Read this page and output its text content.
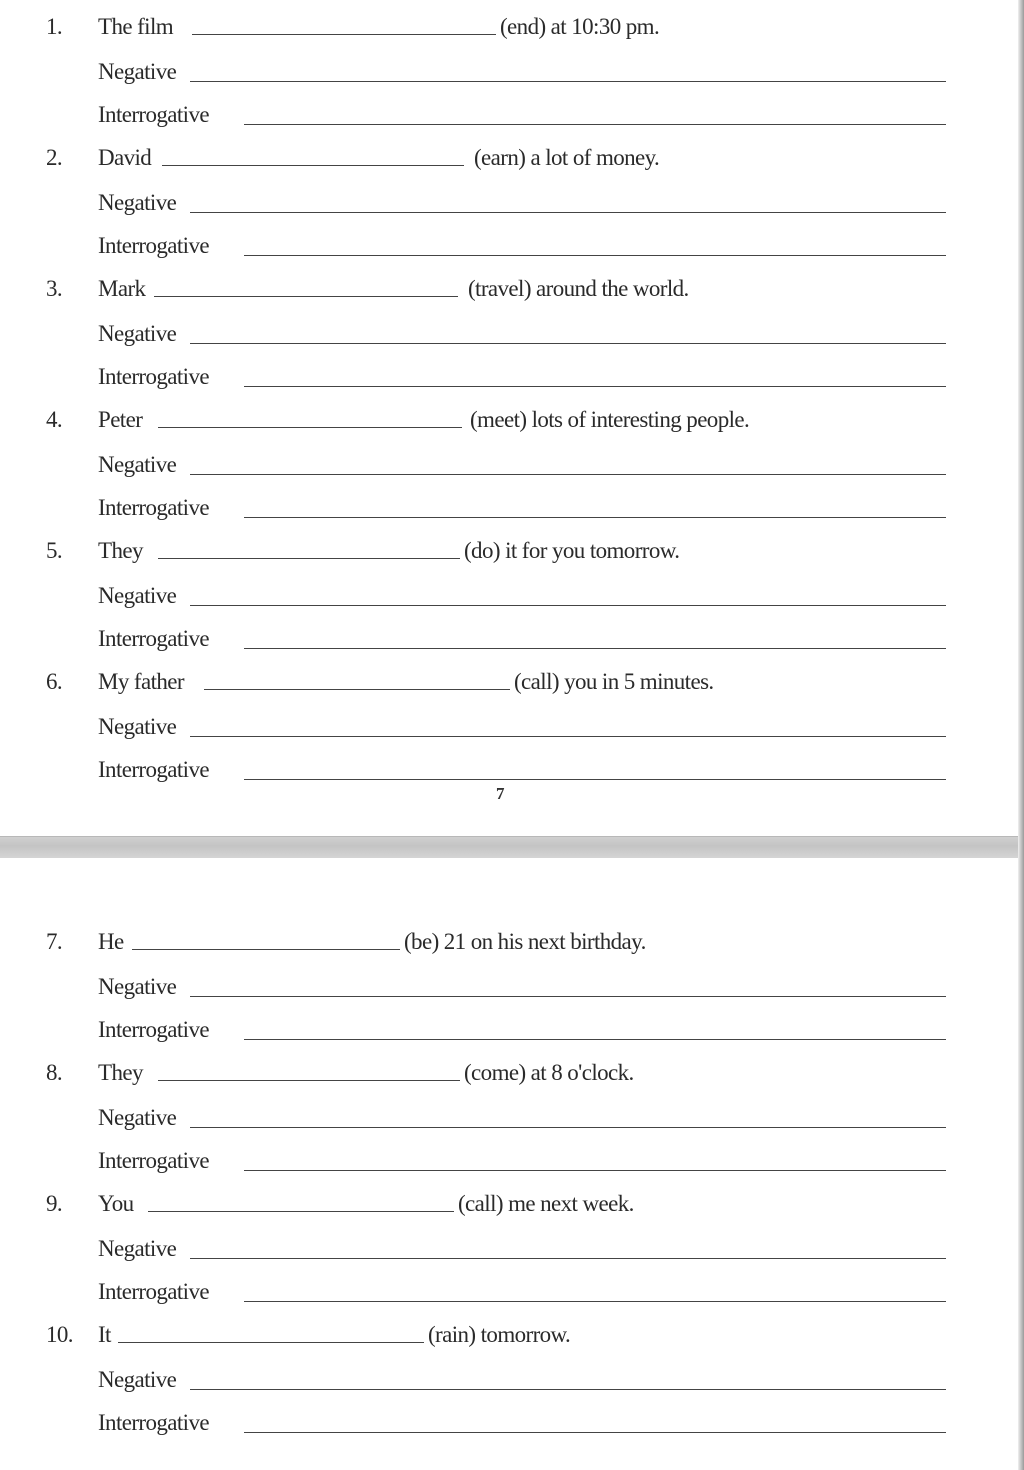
7
1. The film	(end) at 10:30 pm.
Negative
Interrogative
2. David	(earn) a lot of money.
Negative
Interrogative
3. Mark	(travel) around the world.
Negative
Interrogative
4. Peter	(meet) lots of interesting people.
Negative
Interrogative
5. They	(do) it for you tomorrow.
Negative
Interrogative
6. My father	(call) you in 5 minutes.
Negative
Interrogative
7. He	(be) 21 on his next birthday.
Negative
Interrogative
8. They	(come) at 8 o'clock.
Negative
Interrogative
9. You	(call) me next week.
Negative
Interrogative
10. It	(rain) tomorrow.
Negative
Interrogative
